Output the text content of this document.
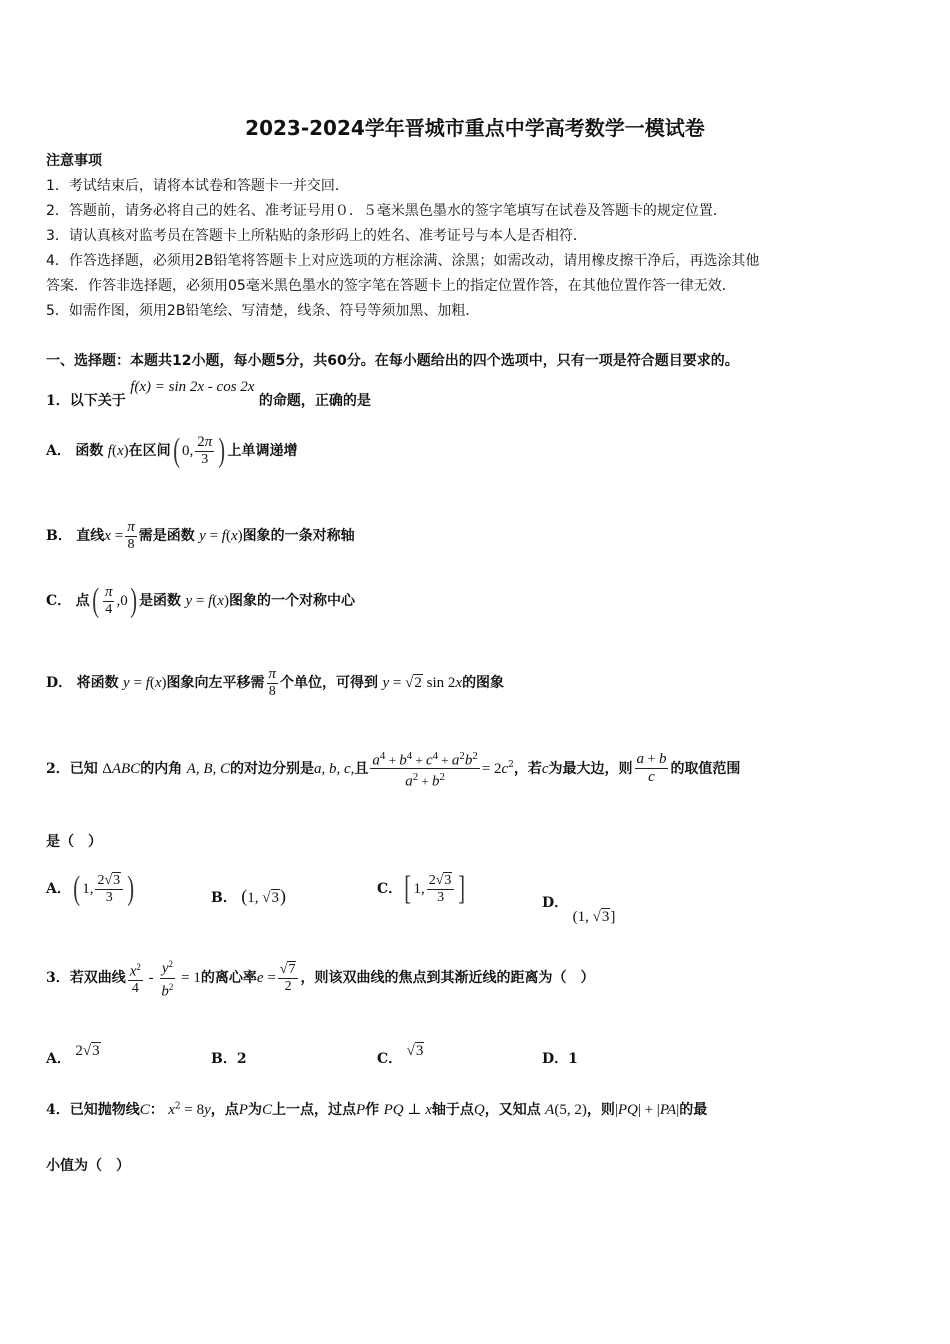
2023-2024学年晋城市重点中学高考数学一模试卷
注意事项
1．考试结束后，请将本试卷和答题卡一并交回．
2．答题前，请务必将自己的姓名、准考证号用０．５毫米黑色墨水的签字笔填写在试卷及答题卡的规定位置．
3．请认真核对监考员在答题卡上所粘贴的条形码上的姓名、准考证号与本人是否相符．
4．作答选择题，必须用2B铅笔将答题卡上对应选项的方框涂满、涂黑；如需改动，请用橡皮擦干净后，再选涂其他
答案．作答非选择题，必须用05毫米黑色墨水的签字笔在答题卡上的指定位置作答，在其他位置作答一律无效．
5．如需作图，须用2B铅笔绘、写清楚，线条、符号等须加黑、加粗．
一、选择题：本题共12小题，每小题5分，共60分。在每小题给出的四个选项中，只有一项是符合题目要求的。
1．以下关于 f(x) = sin 2x - cos 2x 的命题，正确的是
A． 函数 f(x)在区间( 0, $\frac{2\pi}{3}$ ) 上单调递增
B． 直线$x = \frac{\pi}{8}$ 需是函数 y = f(x)图象的一条对称轴
C． 点( $\frac{\pi}{4} ,0$) 是函数 y = f(x)图象的一个对称中心
D． 将函数 y = f(x)图象向左平移需 $\frac{\pi}{8}$ 个单位，可得到 y = √2 sin 2x的图象
2．已知 ΔABC的内角 A, B, C的对边分别是a, b, c,且 $\frac{a^4 + b^4 + c^4 + a^2b^2}{a^2 + b^2} = 2c^2$，若c为最大边，则 $\frac{a + b}{c}$ 的取值范围
是（　）
A．( 1, $\frac{2√3}{3}$ )	B． (1, √3)	C．[ 1, $\frac{2√3}{3}$ ]	D． (1, √3]
3．若双曲线 $\frac{x^2}{4} - \frac{y^2}{b^2} = 1$的离心率$e = \frac{√7}{2}$ ，则该双曲线的焦点到其渐近线的距离为（　）
A． 2√3	B．2	C． √3	D．1
4．已知抛物线C： $x^2 = 8y$，点P为C上一点，过点P作 PQ ⊥ x轴于点Q，又知点 A(5, 2)，则|PQ| + |PA|的最
小值为（　）
